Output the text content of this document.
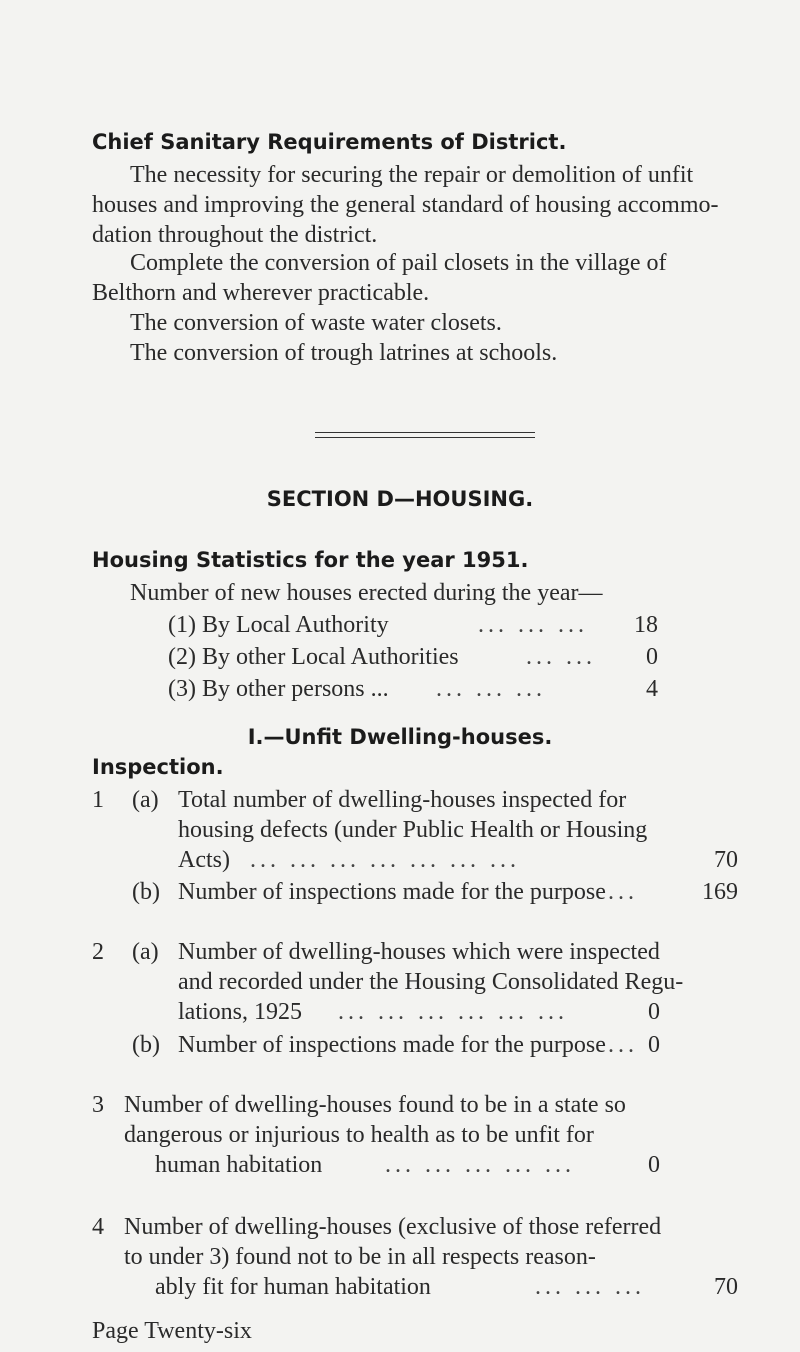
Chief Sanitary Requirements of District.
The necessity for securing the repair or demolition of unfit houses and improving the general standard of housing accommodation throughout the district.
Complete the conversion of pail closets in the village of Belthorn and wherever practicable.
The conversion of waste water closets.
The conversion of trough latrines at schools.
SECTION D—HOUSING.
Housing Statistics for the year 1951.
Number of new houses erected during the year—
(1) By Local Authority	... ... ... 18
(2) By other Local Authorities	... ... 0
(3) By other persons ... ... ... ...	4
I.—Unfit Dwelling-houses.
Inspection.
1 (a) Total number of dwelling-houses inspected for housing defects (under Public Health or Housing
Acts) ... ... ... ... ... ... ...	70
(b) Number of inspections made for the purpose ...	169
2 (a) Number of dwelling-houses which were inspected and recorded under the Housing Consolidated Regu-
lations, 1925 ... ... ... ... ... ...	0
(b) Number of inspections made for the purpose ... 0
3 Number of dwelling-houses found to be in a state so dangerous or injurious to health as to be unfit for
human habitation	... ... ... ... ...	0
4 Number of dwelling-houses (exclusive of those referred to under 3) found not to be in all respects reason-
ably fit for human habitation	... ... ...	70
Page Twenty-six
